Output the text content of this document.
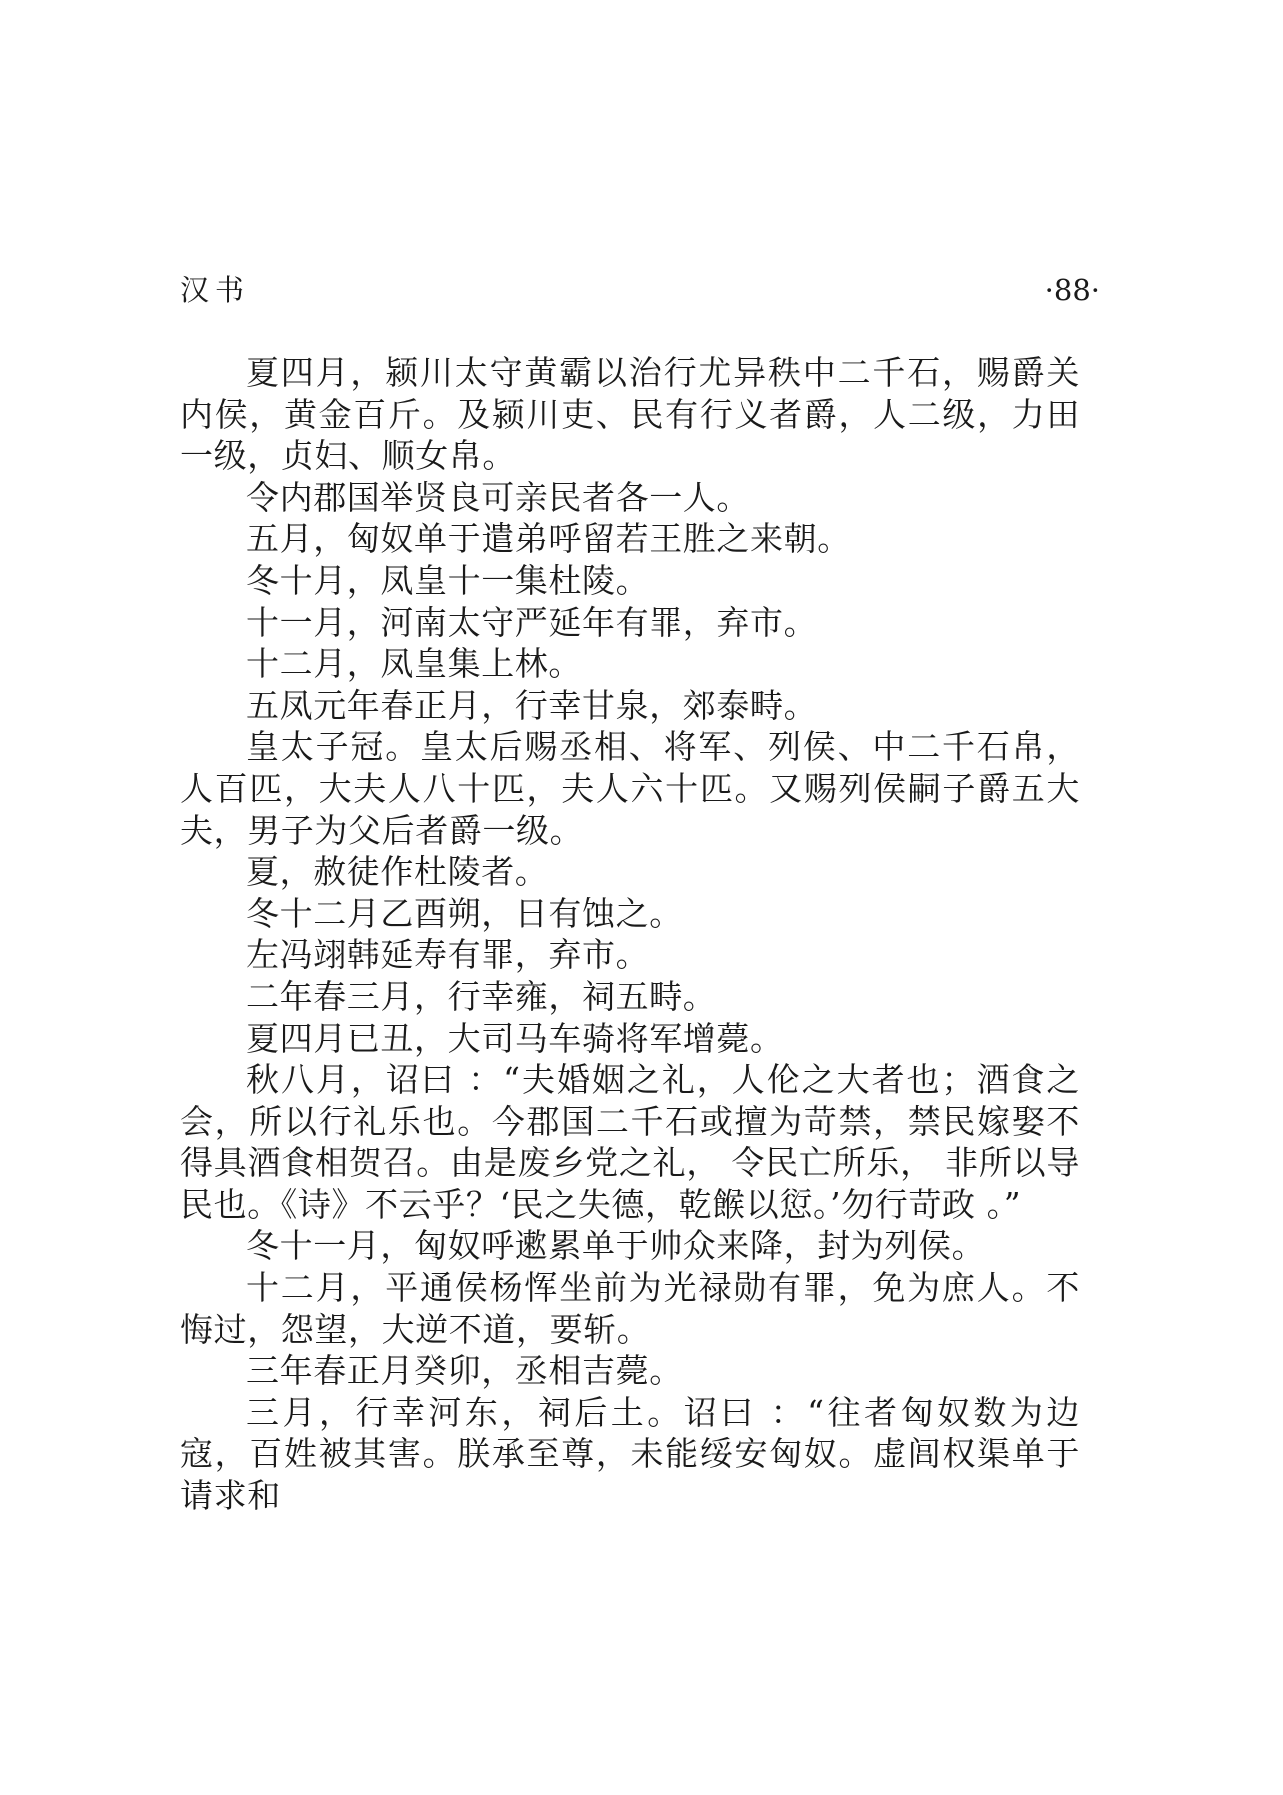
汉书	·88·

夏四月，颍川太守黄霸以治行尤异秩中二千石，赐爵关内侯，黄金百斤。及颍川吏、民有行义者爵，人二级，力田一级，贞妇、顺女帛。

令内郡国举贤良可亲民者各一人。

五月，匈奴单于遣弟呼留若王胜之来朝。

冬十月，凤皇十一集杜陵。

十一月，河南太守严延年有罪，弃市。

十二月，凤皇集上林。

五凤元年春正月，行幸甘泉，郊泰畤。

皇太子冠。皇太后赐丞相、将军、列侯、中二千石帛，人百匹，大夫人八十匹，夫人六十匹。又赐列侯嗣子爵五大夫，男子为父后者爵一级。

夏，赦徒作杜陵者。

冬十二月乙酉朔，日有蚀之。

左冯翊韩延寿有罪，弃市。

二年春三月，行幸雍，祠五畤。

夏四月已丑，大司马车骑将军增薨。

秋八月，诏曰 ：“夫婚姻之礼，人伦之大者也；酒食之会，所以行礼乐也。今郡国二千石或擅为苛禁，禁民嫁娶不得具酒食相贺召。由是废乡党之礼， 令民亡所乐， 非所以导民也。《诗》不云乎？‘民之失德，乾餱以愆。’勿行苛政 。”

冬十一月，匈奴呼遬累单于帅众来降，封为列侯。

十二月，平通侯杨恽坐前为光禄勋有罪，免为庶人。不悔过，怨望，大逆不道，要斩。

三年春正月癸卯，丞相吉薨。

三月，行幸河东，祠后土。诏曰 ：“往者匈奴数为边寇，百姓被其害。朕承至尊，未能绥安匈奴。虚闾权渠单于请求和
